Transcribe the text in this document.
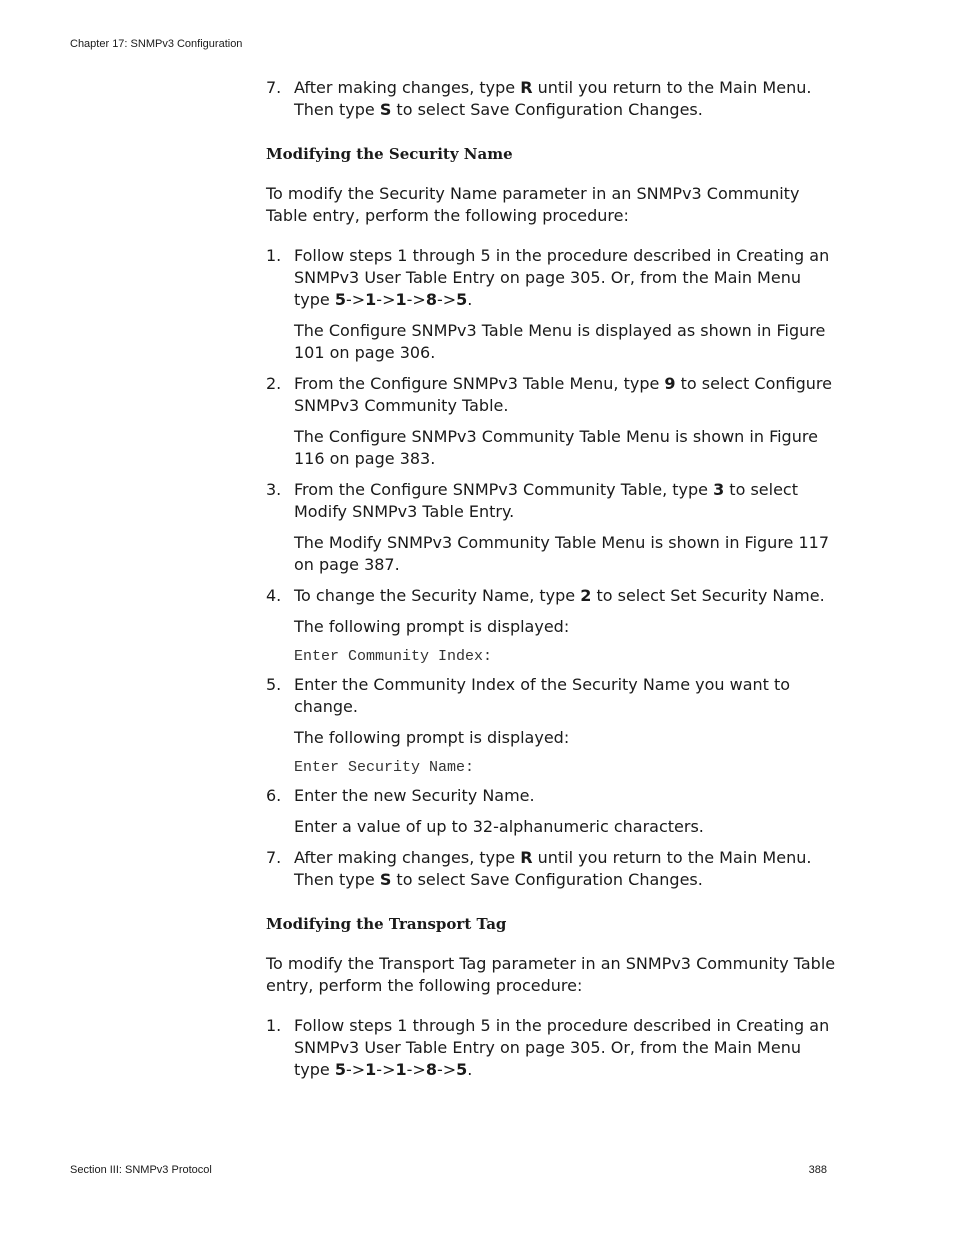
Chapter 17: SNMPv3 Configuration
7. After making changes, type R until you return to the Main Menu. Then type S to select Save Configuration Changes.
Modifying the Security Name
To modify the Security Name parameter in an SNMPv3 Community Table entry, perform the following procedure:
1. Follow steps 1 through 5 in the procedure described in Creating an SNMPv3 User Table Entry on page 305. Or, from the Main Menu type 5->1->1->8->5.
The Configure SNMPv3 Table Menu is displayed as shown in Figure 101 on page 306.
2. From the Configure SNMPv3 Table Menu, type 9 to select Configure SNMPv3 Community Table.
The Configure SNMPv3 Community Table Menu is shown in Figure 116 on page 383.
3. From the Configure SNMPv3 Community Table, type 3 to select Modify SNMPv3 Table Entry.
The Modify SNMPv3 Community Table Menu is shown in Figure 117 on page 387.
4. To change the Security Name, type 2 to select Set Security Name.
The following prompt is displayed:
Enter Community Index:
5. Enter the Community Index of the Security Name you want to change.
The following prompt is displayed:
Enter Security Name:
6. Enter the new Security Name.
Enter a value of up to 32-alphanumeric characters.
7. After making changes, type R until you return to the Main Menu. Then type S to select Save Configuration Changes.
Modifying the Transport Tag
To modify the Transport Tag parameter in an SNMPv3 Community Table entry, perform the following procedure:
1. Follow steps 1 through 5 in the procedure described in Creating an SNMPv3 User Table Entry on page 305. Or, from the Main Menu type 5->1->1->8->5.
Section III: SNMPv3 Protocol	388
